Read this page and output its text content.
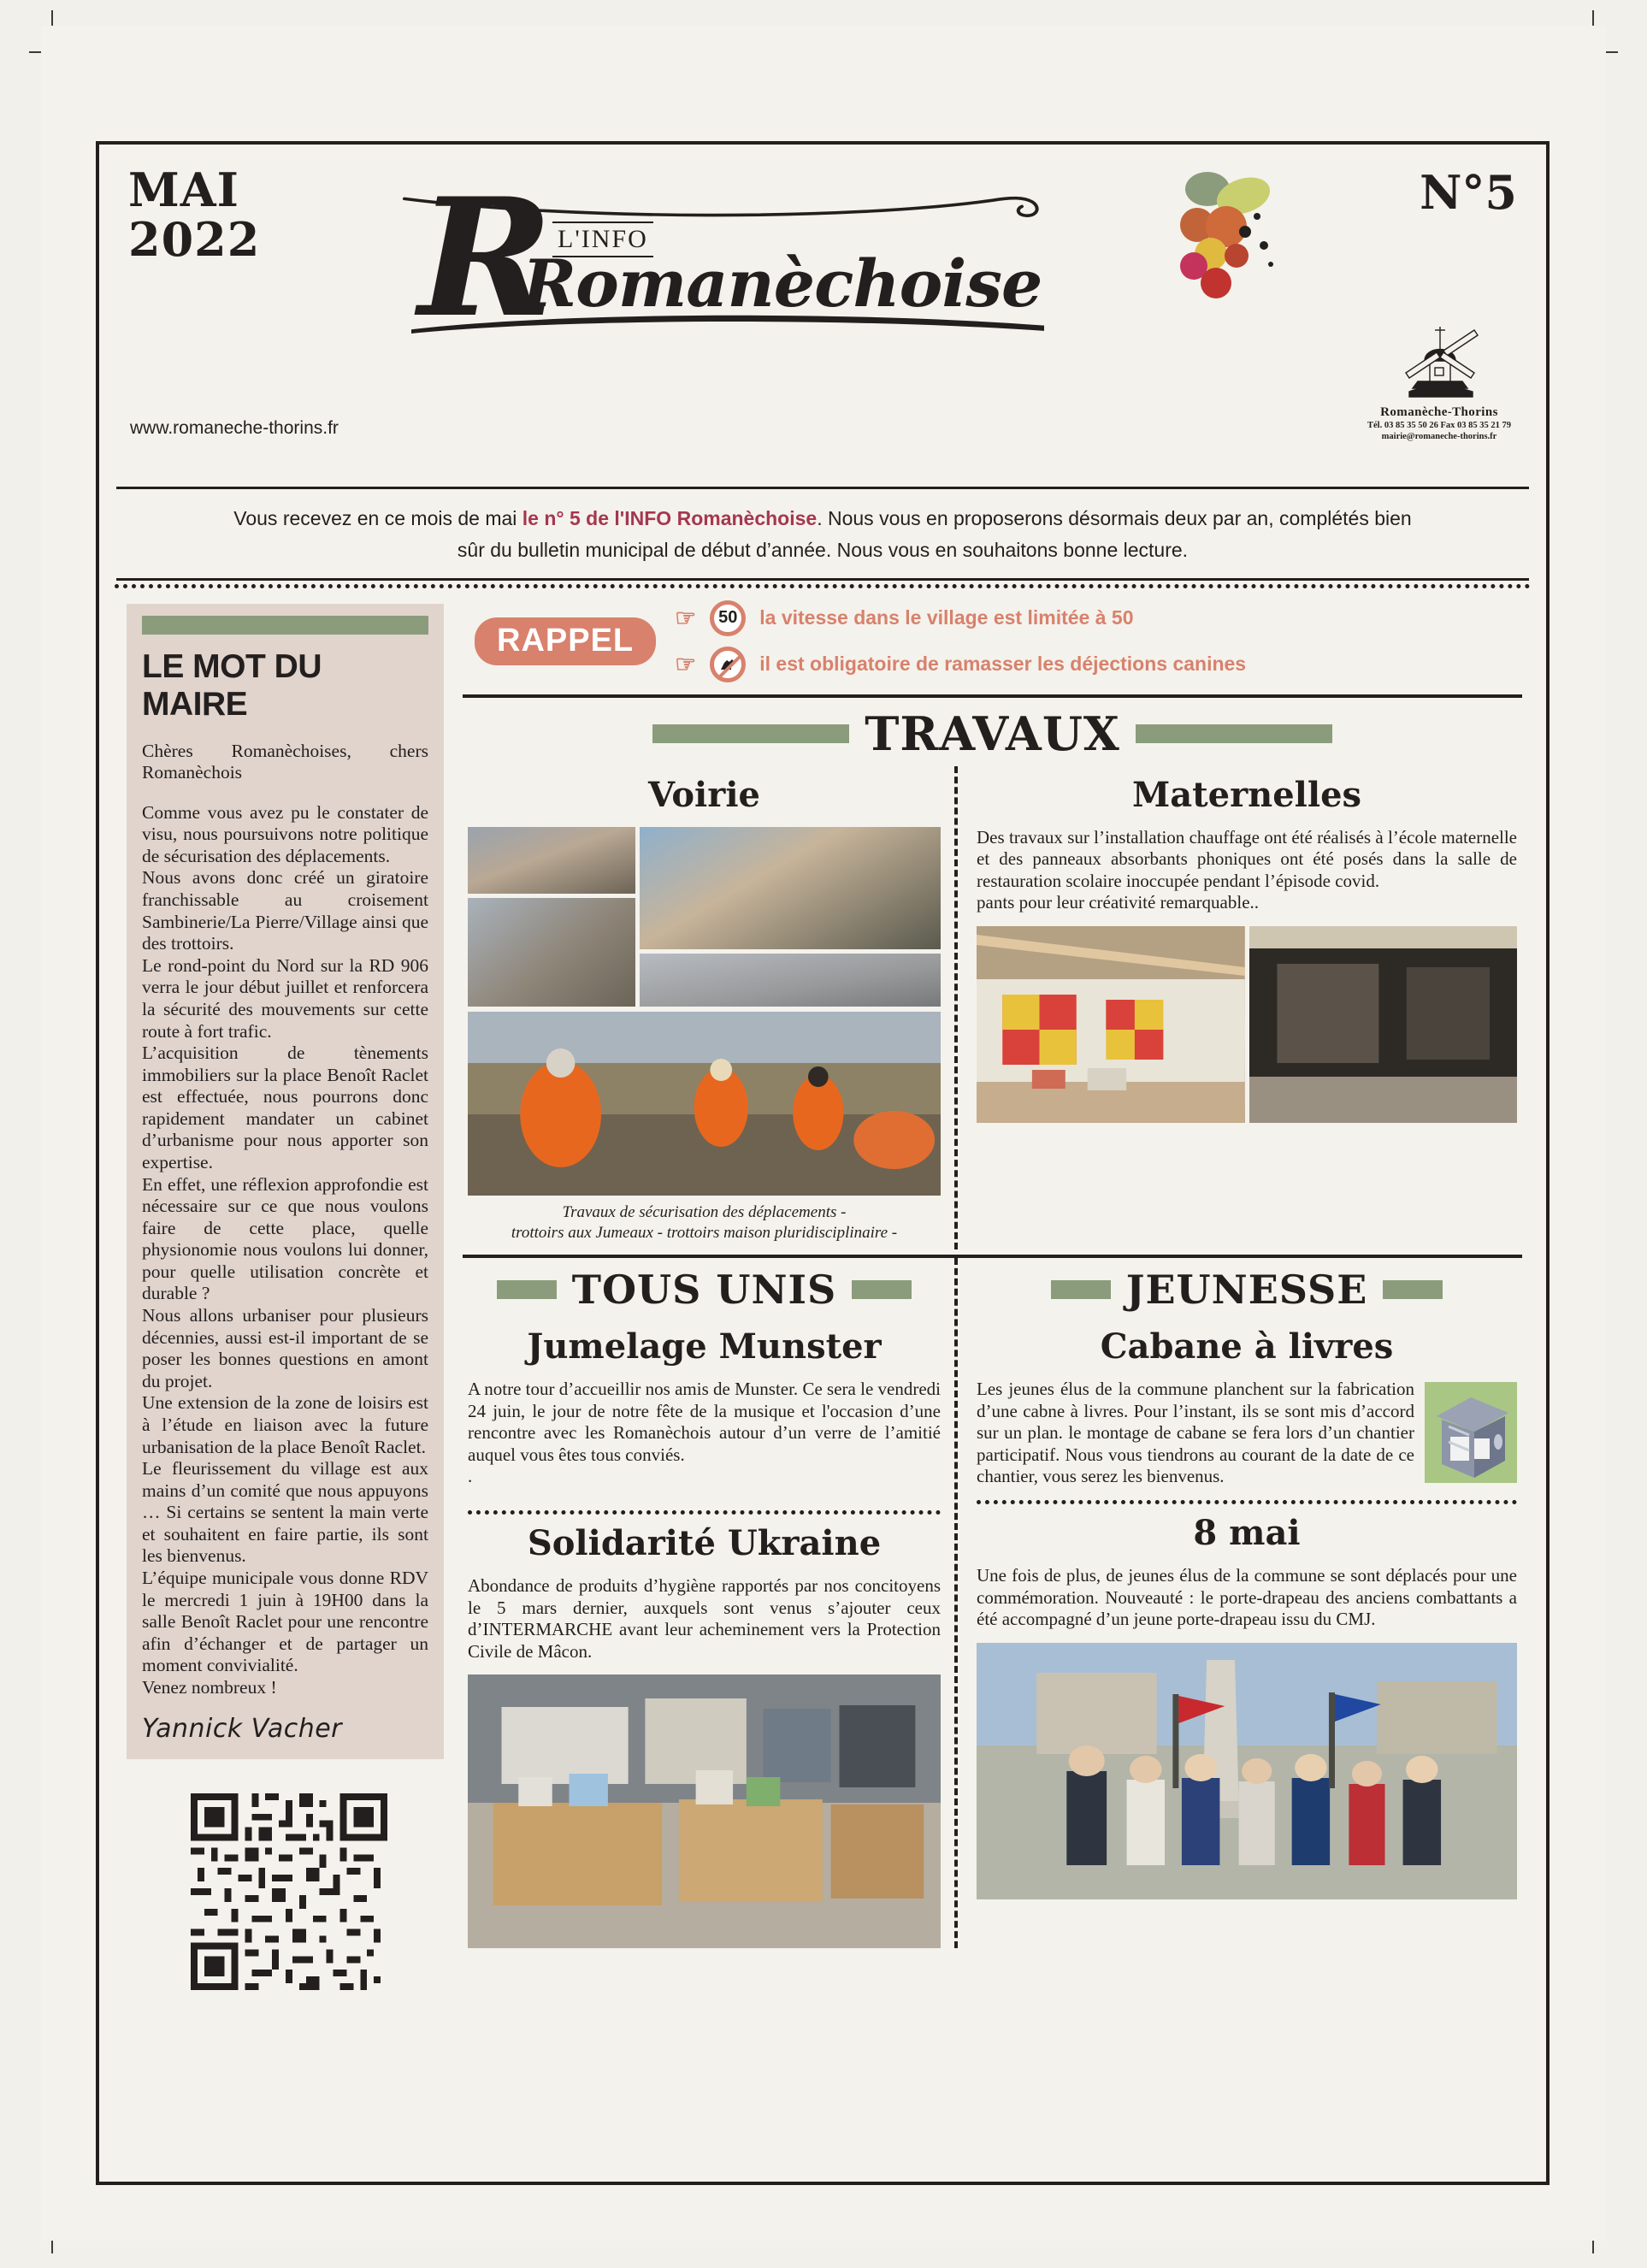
MAI
2022
N°5
R L'INFO
Romanèchoise
www.romaneche-thorins.fr
Romanèche-Thorins
Tél. 03 85 35 50 26 Fax 03 85 35 21 79
mairie@romaneche-thorins.fr
Vous recevez en ce mois de mai le n° 5 de l'INFO Romanèchoise. Nous vous en proposerons désormais deux par an, complétés bien sûr du bulletin municipal de début d’année. Nous vous en souhaitons bonne lecture.
LE MOT DU MAIRE
Chères Romanèchoises, chers Romanèchois
Comme vous avez pu le constater de visu, nous poursuivons notre politique de sécurisation des déplacements.
Nous avons donc créé un giratoire franchissable au croisement Sambinerie/La Pierre/Village ainsi que des trottoirs.
Le rond-point du Nord sur la RD 906 verra le jour début juillet et renforcera la sécurité des mouvements sur cette route à fort trafic.
L’acquisition de tènements immobiliers sur la place Benoît Raclet est effectuée, nous pourrons donc rapidement mandater un cabinet d’urbanisme pour nous apporter son expertise.
En effet, une réflexion approfondie est nécessaire sur ce que nous voulons faire de cette place, quelle physionomie nous voulons lui donner, pour quelle utilisation concrète et durable ?
Nous allons urbaniser pour plusieurs décennies, aussi est-il important de se poser les bonnes questions en amont du projet.
Une extension de la zone de loisirs est à l’étude en liaison avec la future urbanisation de la place Benoît Raclet.
Le fleurissement du village est aux mains d’un comité que nous appuyons … Si certains se sentent la main verte et souhaitent en faire partie, ils sont les bienvenus.
L’équipe municipale vous donne RDV le mercredi 1 juin à 19H00 dans la salle Benoît Raclet pour une rencontre afin d’échanger et de partager un moment convivialité.
Venez nombreux !
Yannick Vacher
RAPPEL
☞	50	la vitesse dans le village est limitée à 50
☞	il est obligatoire de ramasser les déjections canines
TRAVAUX
Voirie
Travaux de sécurisation des déplacements -
trottoirs aux Jumeaux - trottoirs maison pluridisciplinaire -
Maternelles
Des travaux sur l’installation chauffage ont été réalisés à l’école maternelle et des panneaux absorbants phoniques ont été posés dans la salle de restauration scolaire inoccupée pendant l’épisode covid.
pants pour leur créativité remarquable..
TOUS UNIS
Jumelage Munster
A notre tour d’accueillir nos amis de Munster. Ce sera le vendredi 24 juin, le jour de notre fête de la musique et l'occasion d’une rencontre avec les Romanèchois autour d’un verre de l’amitié auquel vous êtes tous conviés.
.
Solidarité Ukraine
Abondance de produits d’hygiène rapportés par nos concitoyens le 5 mars dernier, auxquels sont venus s’ajouter ceux d’INTERMARCHE avant leur acheminement vers la Protection Civile de Mâcon.
JEUNESSE
Cabane à livres
Les jeunes élus de la commune planchent sur la fabrication d’une cabne à livres. Pour l’instant, ils se sont mis d’accord sur un plan. le montage de cabane se fera lors d’un chantier participatif. Nous vous tiendrons au courant de la date de ce chantier, vous serez les bienvenus.
8 mai
Une fois de plus, de jeunes élus de la commune se sont déplacés pour une commémoration. Nouveauté : le porte-drapeau des anciens combattants a été accompagné d’un jeune porte-drapeau issu du CMJ.
